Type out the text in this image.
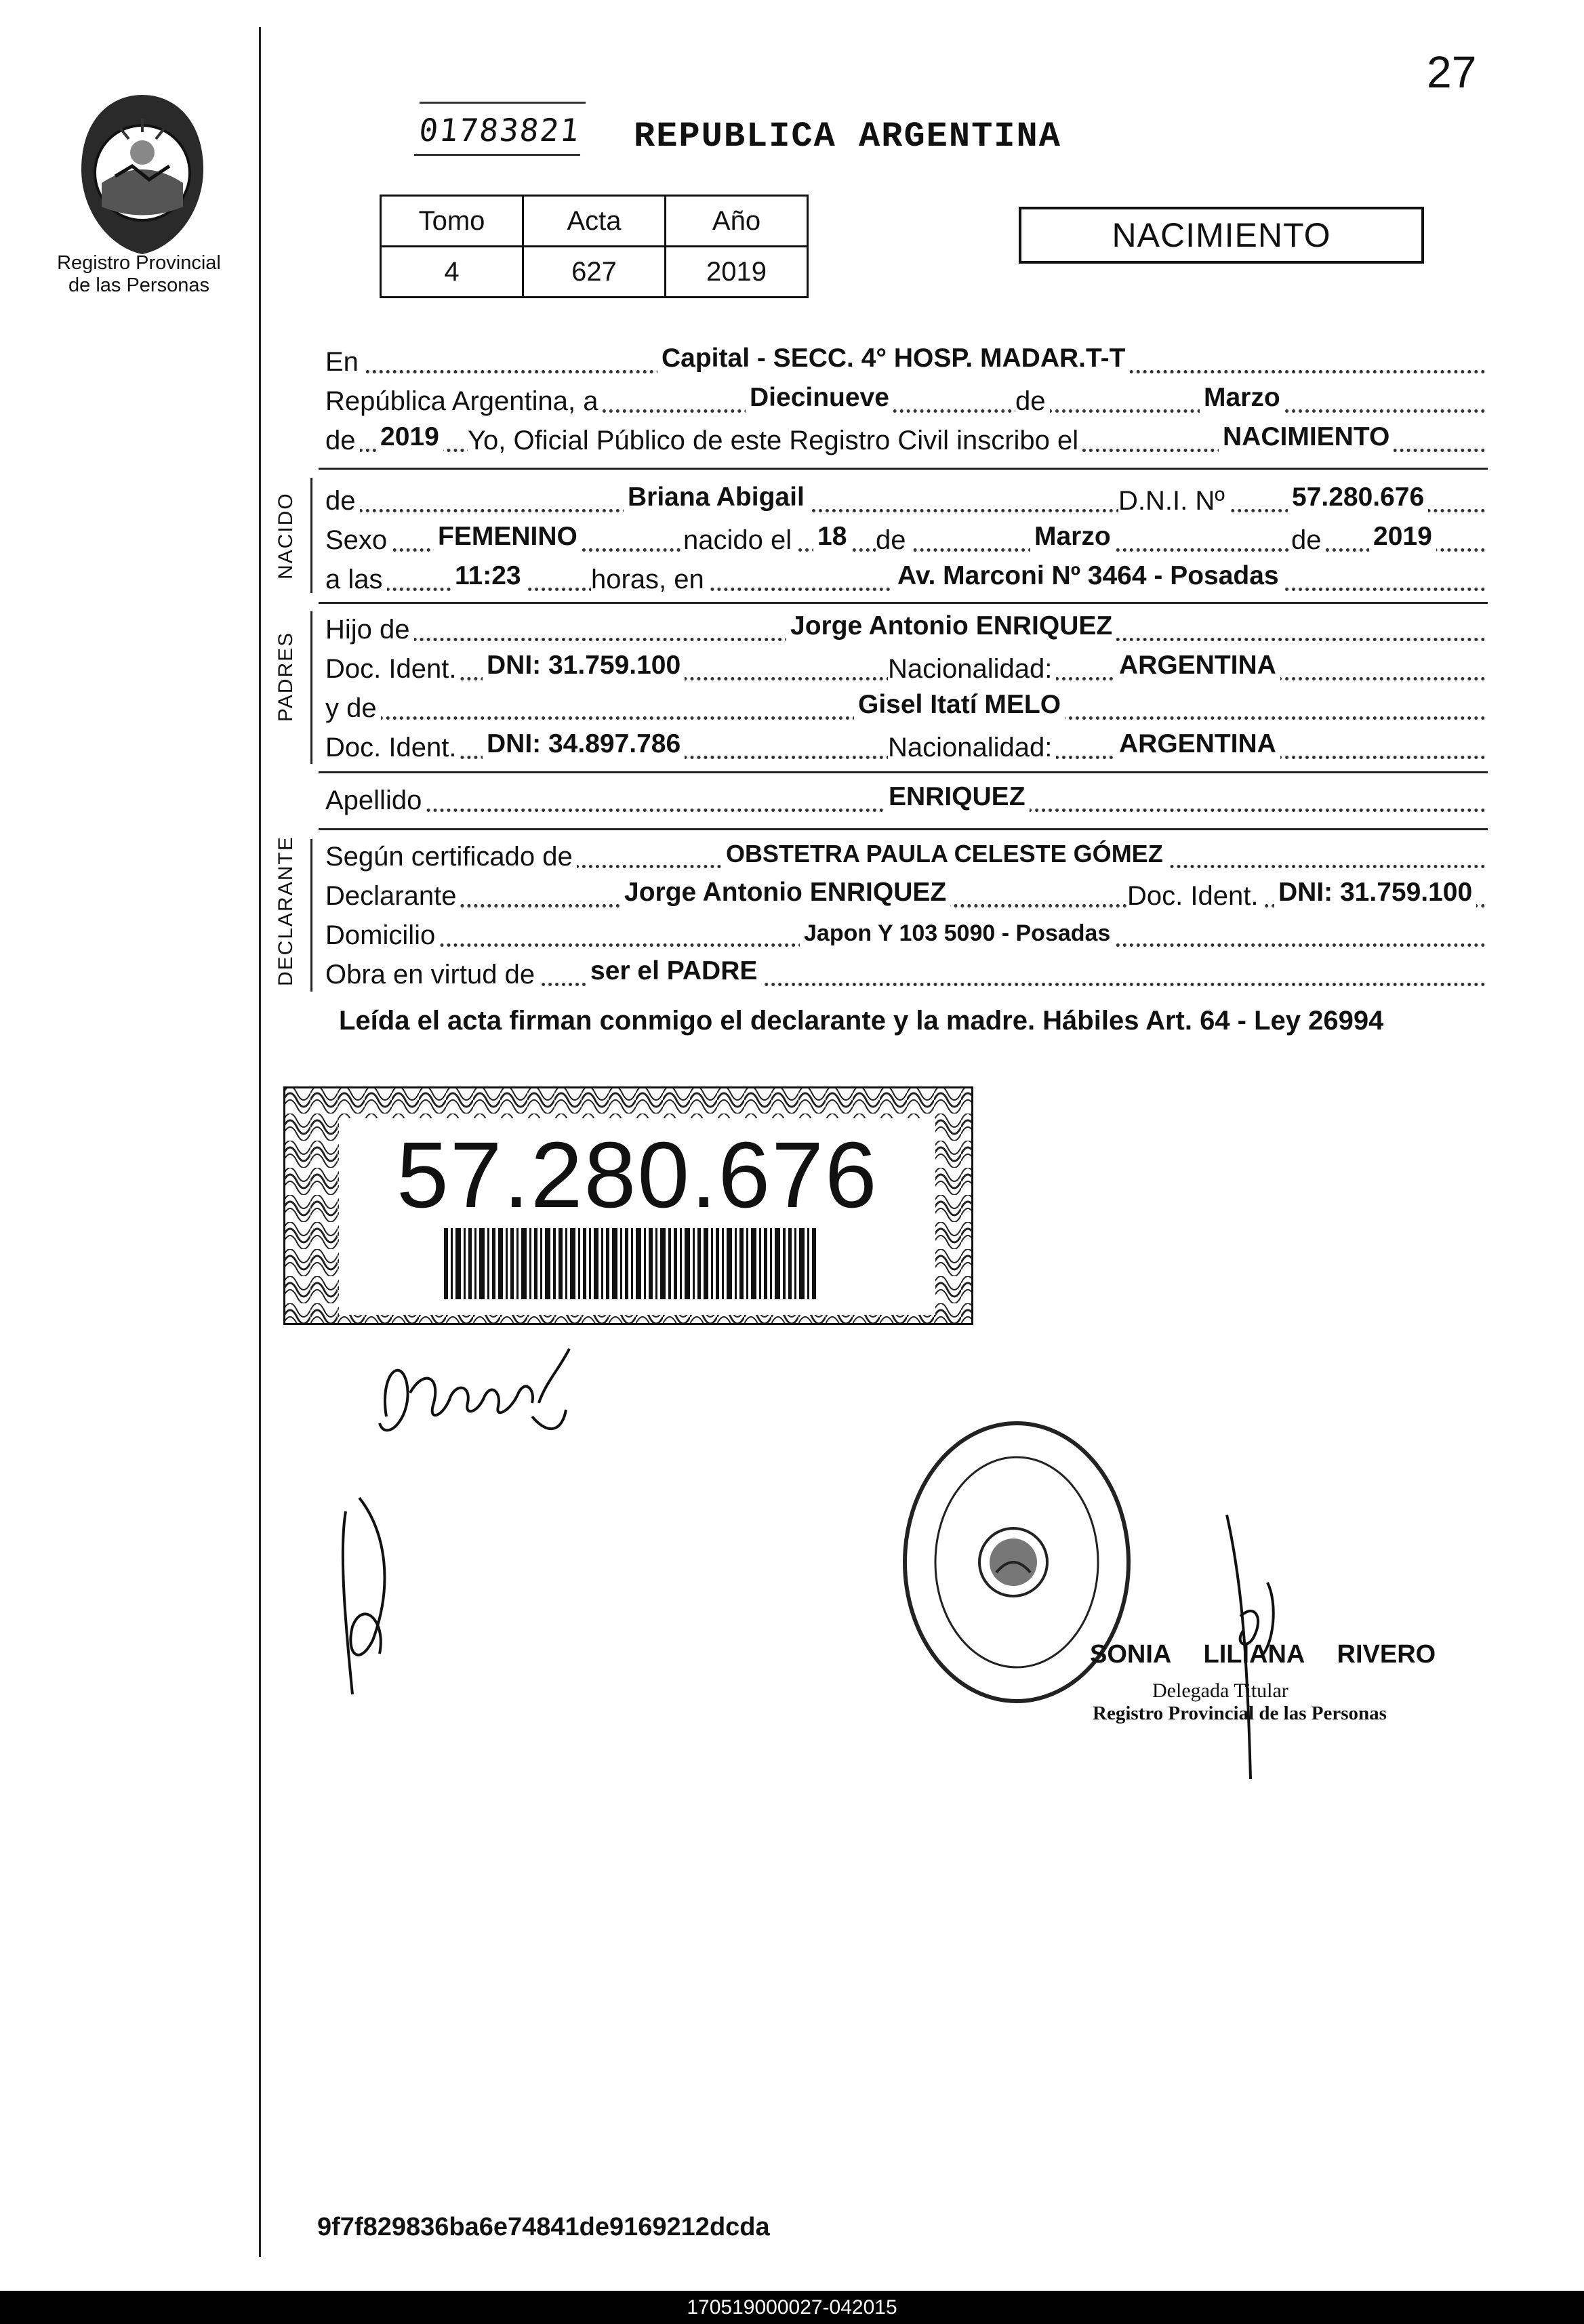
Registro Provincial
de las Personas
27
01783821 REPUBLICA ARGENTINA
Tomo	Acta	Año
4	627	2019
NACIMIENTO
En	Capital - SECC. 4° HOSP. MADAR.T-T
República Argentina, a	Diecinueve	de	Marzo
de 2019 Yo, Oficial Público de este Registro Civil inscribo el	NACIMIENTO
NACIDO de	Briana Abigail	D.N.I. Nº	57.280.676
Sexo FEMENINO	nacido el 18 de	Marzo	de 2019
a las	11:23	horas, en	Av. Marconi Nº 3464 - Posadas
PADRES
Hijo de	Jorge Antonio ENRIQUEZ
Doc. Ident. DNI: 31.759.100	Nacionalidad:	ARGENTINA
y de	Gisel Itatí MELO
Doc. Ident. DNI: 34.897.786	Nacionalidad:	ARGENTINA
Apellido	ENRIQUEZ
DECLARANTE Según certificado de	OBSTETRA PAULA CELESTE GÓMEZ
Declarante	Jorge Antonio ENRIQUEZ	Doc. Ident. DNI: 31.759.100
Domicilio	Japon Y 103 5090 - Posadas
Obra en virtud de ser el PADRE
Leída el acta firman conmigo el declarante y la madre. Hábiles Art. 64 - Ley 26994
57.280.676
SONIA LILIANA RIVERO
Delegada Titular
Registro Provincial de las Personas
9f7f829836ba6e74841de9169212dcda
170519000027-042015
